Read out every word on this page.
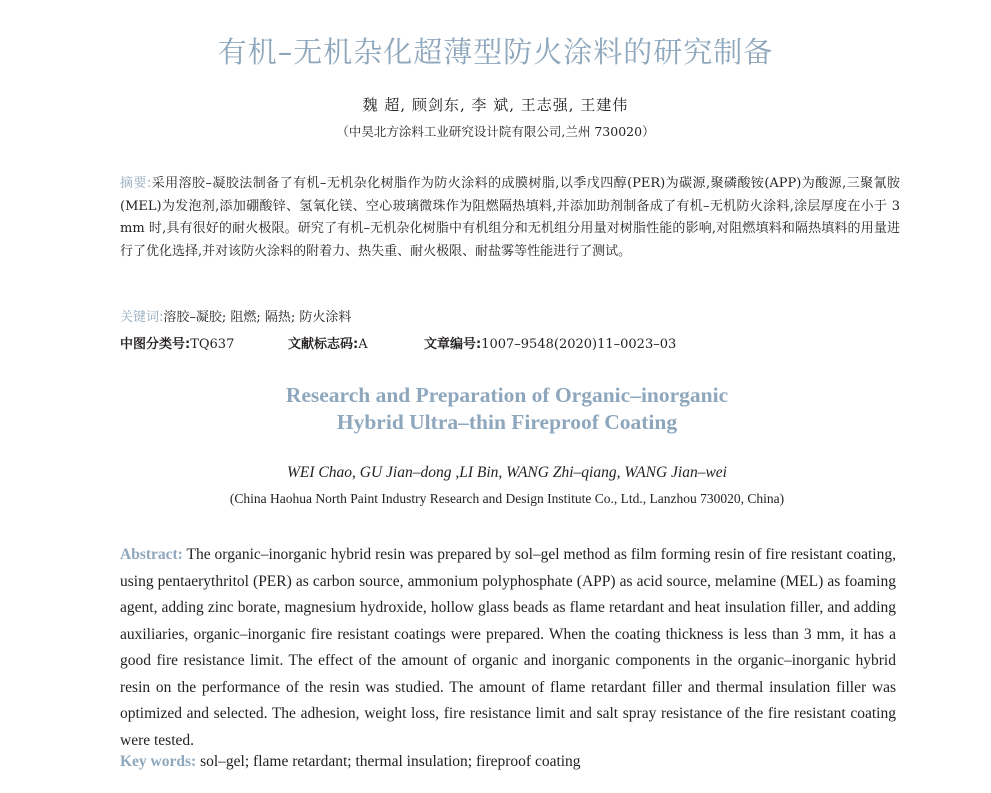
有机–无机杂化超薄型防火涂料的研究制备
魏 超, 顾剑东, 李 斌, 王志强, 王建伟
（中昊北方涂料工业研究设计院有限公司,兰州 730020）
摘要:采用溶胶–凝胶法制备了有机–无机杂化树脂作为防火涂料的成膜树脂,以季戊四醇(PER)为碳源,聚磷酸铵(APP)为酸源,三聚氰胺(MEL)为发泡剂,添加硼酸锌、氢氧化镁、空心玻璃微珠作为阻燃隔热填料,并添加助剂制备成了有机–无机防火涂料,涂层厚度在小于 3 mm 时,具有很好的耐火极限。研究了有机–无机杂化树脂中有机组分和无机组分用量对树脂性能的影响,对阻燃填料和隔热填料的用量进行了优化选择,并对该防火涂料的附着力、热失重、耐火极限、耐盐雾等性能进行了测试。
关键词:溶胶–凝胶; 阻燃; 隔热; 防火涂料
中图分类号:TQ637	文献标志码:A	文章编号:1007–9548(2020)11–0023–03
Research and Preparation of Organic–inorganic
Hybrid Ultra–thin Fireproof Coating
WEI Chao, GU Jian–dong ,LI Bin, WANG Zhi–qiang, WANG Jian–wei
(China Haohua North Paint Industry Research and Design Institute Co., Ltd., Lanzhou 730020, China)
Abstract: The organic–inorganic hybrid resin was prepared by sol–gel method as film forming resin of fire resistant coating, using pentaerythritol (PER) as carbon source, ammonium polyphosphate (APP) as acid source, melamine (MEL) as foaming agent, adding zinc borate, magnesium hydroxide, hollow glass beads as flame retardant and heat insulation filler, and adding auxiliaries, organic–inorganic fire resistant coatings were prepared. When the coating thickness is less than 3 mm, it has a good fire resistance limit. The effect of the amount of organic and inorganic components in the organic–inorganic hybrid resin on the performance of the resin was studied. The amount of flame retardant filler and thermal insulation filler was optimized and selected. The adhesion, weight loss, fire resistance limit and salt spray resistance of the fire resistant coating were tested.
Key words: sol–gel; flame retardant; thermal insulation; fireproof coating
